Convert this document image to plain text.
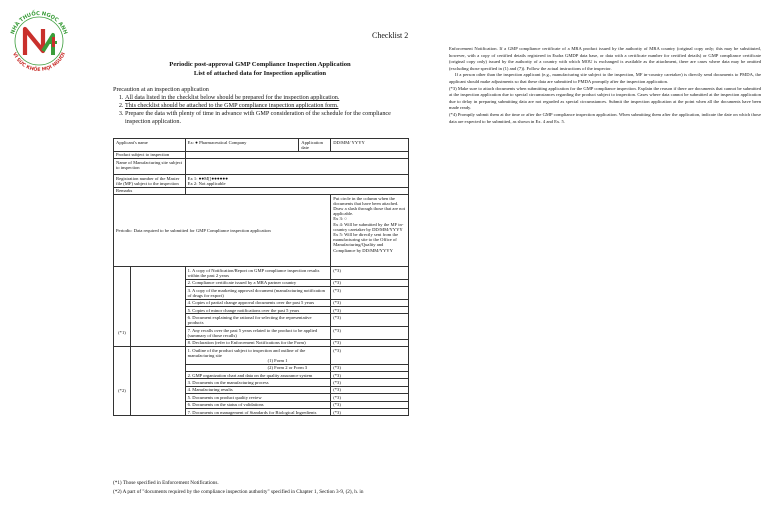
NHÀ THUỐC NGỌC ANH
VÌ SỨC KHỎE MỌI NGƯỜI
Checklist 2
Periodic post-approval GMP Compliance Inspection Application
List of attached data for Inspection application
Precaution at an inspection application
1. All data listed in the checklist below should be prepared for the inspection application.
2. This checklist should be attached to the GMP compliance inspection application form.
3. Prepare the data with plenty of time in advance with GMP consideration of the schedule for the compliance inspection application.
Applicant's name		Ex: ● Pharmaceutical Company	Application date	DD/MM/ YYYY
Product subject to inspection				
Name of Manufacturing site subject to inspection				
Registration number of the Master file (MF) subject to the inspection		Ex 1: ●●M[]●●●●●●
Ex 2: Not applicable		

Remarks				
Periodic: Data required to be submitted for GMP Compliance inspection application				Put circle in the column when the documents that have been attached.
Draw a slash through those that are not applicable.
Ex 3: ○
Ex 4: Will be submitted by the MF in-country caretaker by DD/MM/YYYY
Ex 5: Will be directly sent from the manufacturing site to the Office of Manufacturing/Quality and Compliance by DD/MM/YYYY

(*1)		1. A copy of Notification/Report on GMP compliance inspection results within the past 2 years		(*3)
		2. Compliance certificate issued by a MRA partner country		(*3)
		3. A copy of the marketing approval document (manufacturing notification of drugs for export)		(*3)
		4. Copies of partial change approval documents over the past 5 years		(*3)
		5. Copies of minor change notifications over the past 5 years		(*3)
		6. Document explaining the rational for selecting the representative products		(*3)
		7. Any recalls over the past 5 years related to the product to be applied (summary of those recalls)		(*3)
		8. Declaration (refer to Enforcement Notifications for the Form)		(*3)

(*2)		1. Outline of the product subject to inspection and outline of the manufacturing site
(1) Form 1		(*3)
		(2) Form 2 or Form 3		(*3)
		2. GMP organization chart and data on the quality assurance system		(*3)
		3. Documents on the manufacturing process		(*3)
		4. Manufacturing results		(*3)
		5. Documents on product quality review		(*3)
		6. Documents on the status of validations		(*3)
		7. Documents on management of Standards for Biological Ingredients		(*3)
(*1) Those specified in Enforcement Notifications.
(*2) A part of "documents required by the compliance inspection authority" specified in Chapter 1, Section 3-9, (2), h. in

Enforcement Notification. If a GMP compliance certificate of a MRA product issued by the authority of MRA country (original copy only; this may be substituted, however, with a copy of certified details registered in Eudra GMDP data base, or data with a certificate number for certified details) or GMP compliance certificate (original copy only) issued by the authority of a country with which MOU is exchanged is available as the attachment, there are cases where data may be omitted (excluding those specified in (1) and (7)). Follow the actual instructions of the inspector.

If a person other than the inspection applicant (e.g., manufacturing site subject to the inspection, MF in-country caretaker) is directly send documents to PMDA, the applicant should make adjustments so that these data are submitted to PMDA promptly after the inspection application.

(*3) Make sure to attach documents when submitting application for the GMP compliance inspection. Explain the reason if there are documents that cannot be submitted at the inspection application due to special circumstances regarding the product subject to inspection. Cases where data cannot be submitted at the inspection application due to delay in preparing submitting data are not regarded as special circumstances. Submit the inspection application at the point when all the documents have been made ready.

(*4) Promptly submit them at the time or after the GMP compliance inspection application. When submitting them after the application, indicate the date on which those data are expected to be submitted, as shown in Ex. 4 and Ex. 5.
